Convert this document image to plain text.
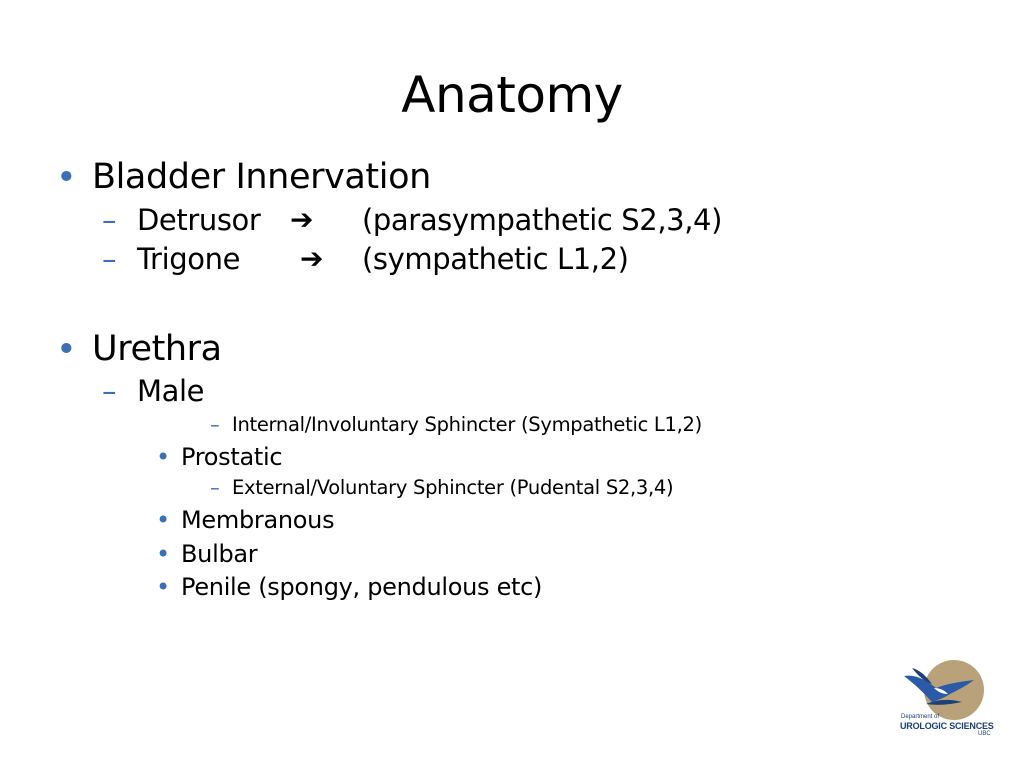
Anatomy
• Bladder Innervation
– Detrusor ➔ (parasympathetic S2,3,4)
– Trigone ➔ (sympathetic L1,2)
• Urethra
– Male
– Internal/Involuntary Sphincter (Sympathetic L1,2)
• Prostatic
– External/Voluntary Sphincter (Pudental S2,3,4)
• Membranous
• Bulbar
• Penile (spongy, pendulous etc)
Department of
UROLOGIC SCIENCES
UBC
